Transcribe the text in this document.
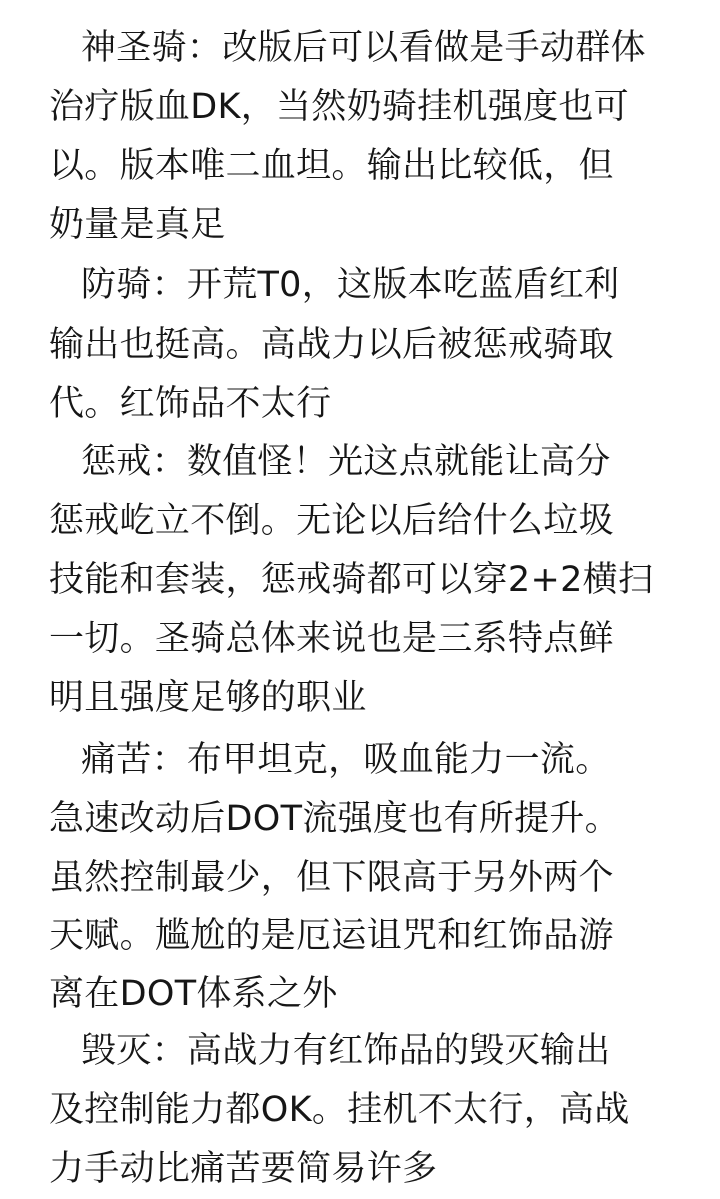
神圣骑：改版后可以看做是手动群体
治疗版血DK，当然奶骑挂机强度也可
以。版本唯二血坦。输出比较低，但
奶量是真足
防骑：开荒T0，这版本吃蓝盾红利
输出也挺高。高战力以后被惩戒骑取
代。红饰品不太行
惩戒：数值怪！光这点就能让高分
惩戒屹立不倒。无论以后给什么垃圾
技能和套装，惩戒骑都可以穿2+2横扫
一切。圣骑总体来说也是三系特点鲜
明且强度足够的职业
痛苦：布甲坦克，吸血能力一流。
急速改动后DOT流强度也有所提升。
虽然控制最少，但下限高于另外两个
天赋。尴尬的是厄运诅咒和红饰品游
离在DOT体系之外
毁灭：高战力有红饰品的毁灭输出
及控制能力都OK。挂机不太行，高战
力手动比痛苦要简易许多
